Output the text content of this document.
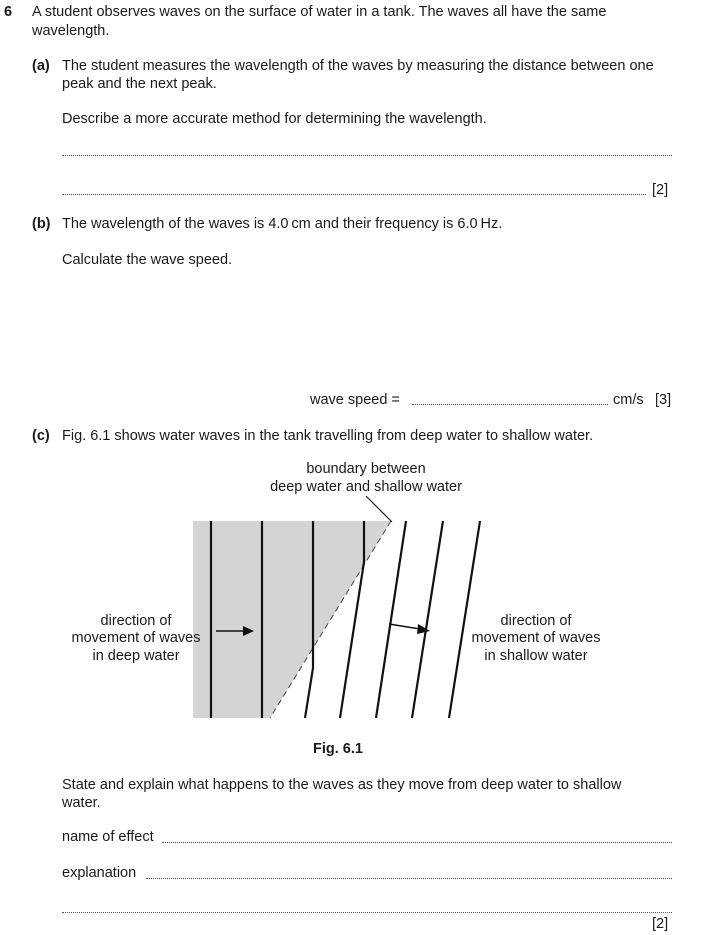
6 A student observes waves on the surface of water in a tank. The waves all have the same
wavelength.
(a) The student measures the wavelength of the waves by measuring the distance between one
peak and the next peak.
Describe a more accurate method for determining the wavelength.
[2]
(b) The wavelength of the waves is 4.0 cm and their frequency is 6.0 Hz.
Calculate the wave speed.
wave speed =	cm/s [3]
(c) Fig. 6.1 shows water waves in the tank travelling from deep water to shallow water.
boundary between
deep water and shallow water
direction of
movement of waves
in deep water
direction of
movement of waves
in shallow water
Fig. 6.1
State and explain what happens to the waves as they move from deep water to shallow
water.
name of effect
explanation
[2]
